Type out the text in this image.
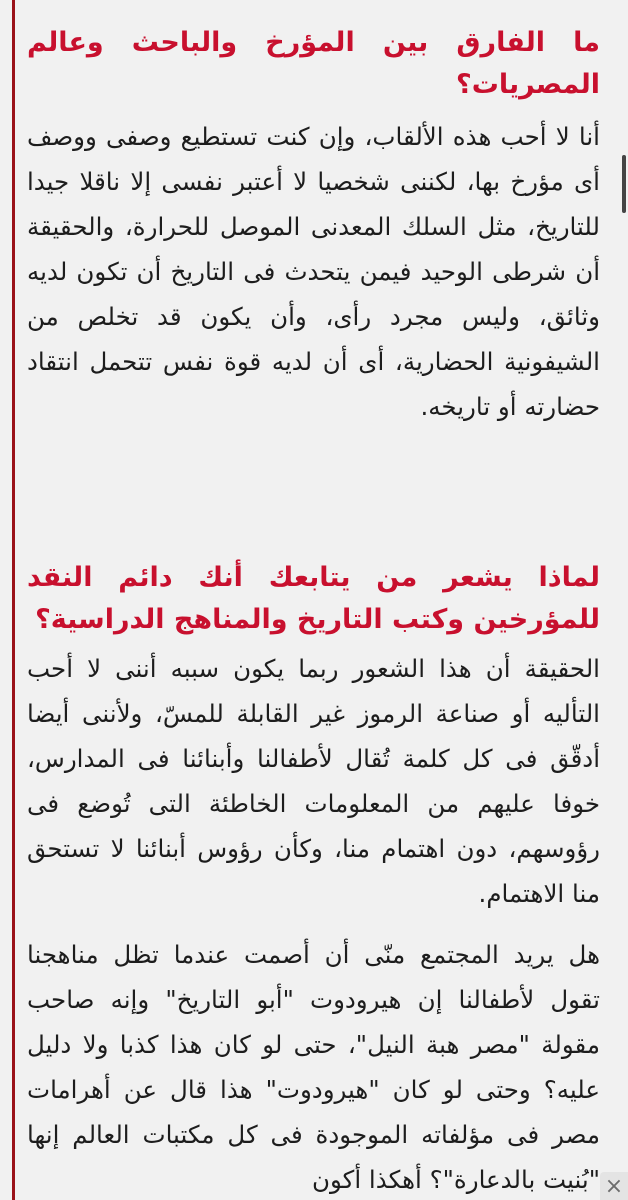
ما الفارق بين المؤرخ والباحث وعالم المصريات؟

أنا لا أحب هذه الألقاب، وإن كنت تستطيع وصفى ووصف أى مؤرخ بها، لكننى شخصيا لا أعتبر نفسى إلا ناقلا جيدا للتاريخ، مثل السلك المعدنى الموصل للحرارة، والحقيقة أن شرطى الوحيد فيمن يتحدث فى التاريخ أن تكون لديه وثائق، وليس مجرد رأى، وأن يكون قد تخلص من الشيفونية الحضارية، أى أن لديه قوة نفس تتحمل انتقاد حضارته أو تاريخه.

لماذا يشعر من يتابعك أنك دائم النقد للمؤرخين وكتب التاريخ والمناهج الدراسية؟

الحقيقة أن هذا الشعور ربما يكون سببه أننى لا أحب التأليه أو صناعة الرموز غير القابلة للمسّ، ولأننى أيضا أدقّق فى كل كلمة تُقال لأطفالنا وأبنائنا فى المدارس، خوفا عليهم من المعلومات الخاطئة التى تُوضع فى رؤوسهم، دون اهتمام منا، وكأن رؤوس أبنائنا لا تستحق منا الاهتمام.

هل يريد المجتمع منّى أن أصمت عندما تظل مناهجنا تقول لأطفالنا إن هيرودوت "أبو التاريخ" وإنه صاحب مقولة "مصر هبة النيل"، حتى لو كان هذا كذبا ولا دليل عليه؟ وحتى لو كان "هيرودوت" هذا قال عن أهرامات مصر فى مؤلفاته الموجودة فى كل مكتبات العالم إنها "بُنيت بالدعارة"؟ أهكذا أكون ×
